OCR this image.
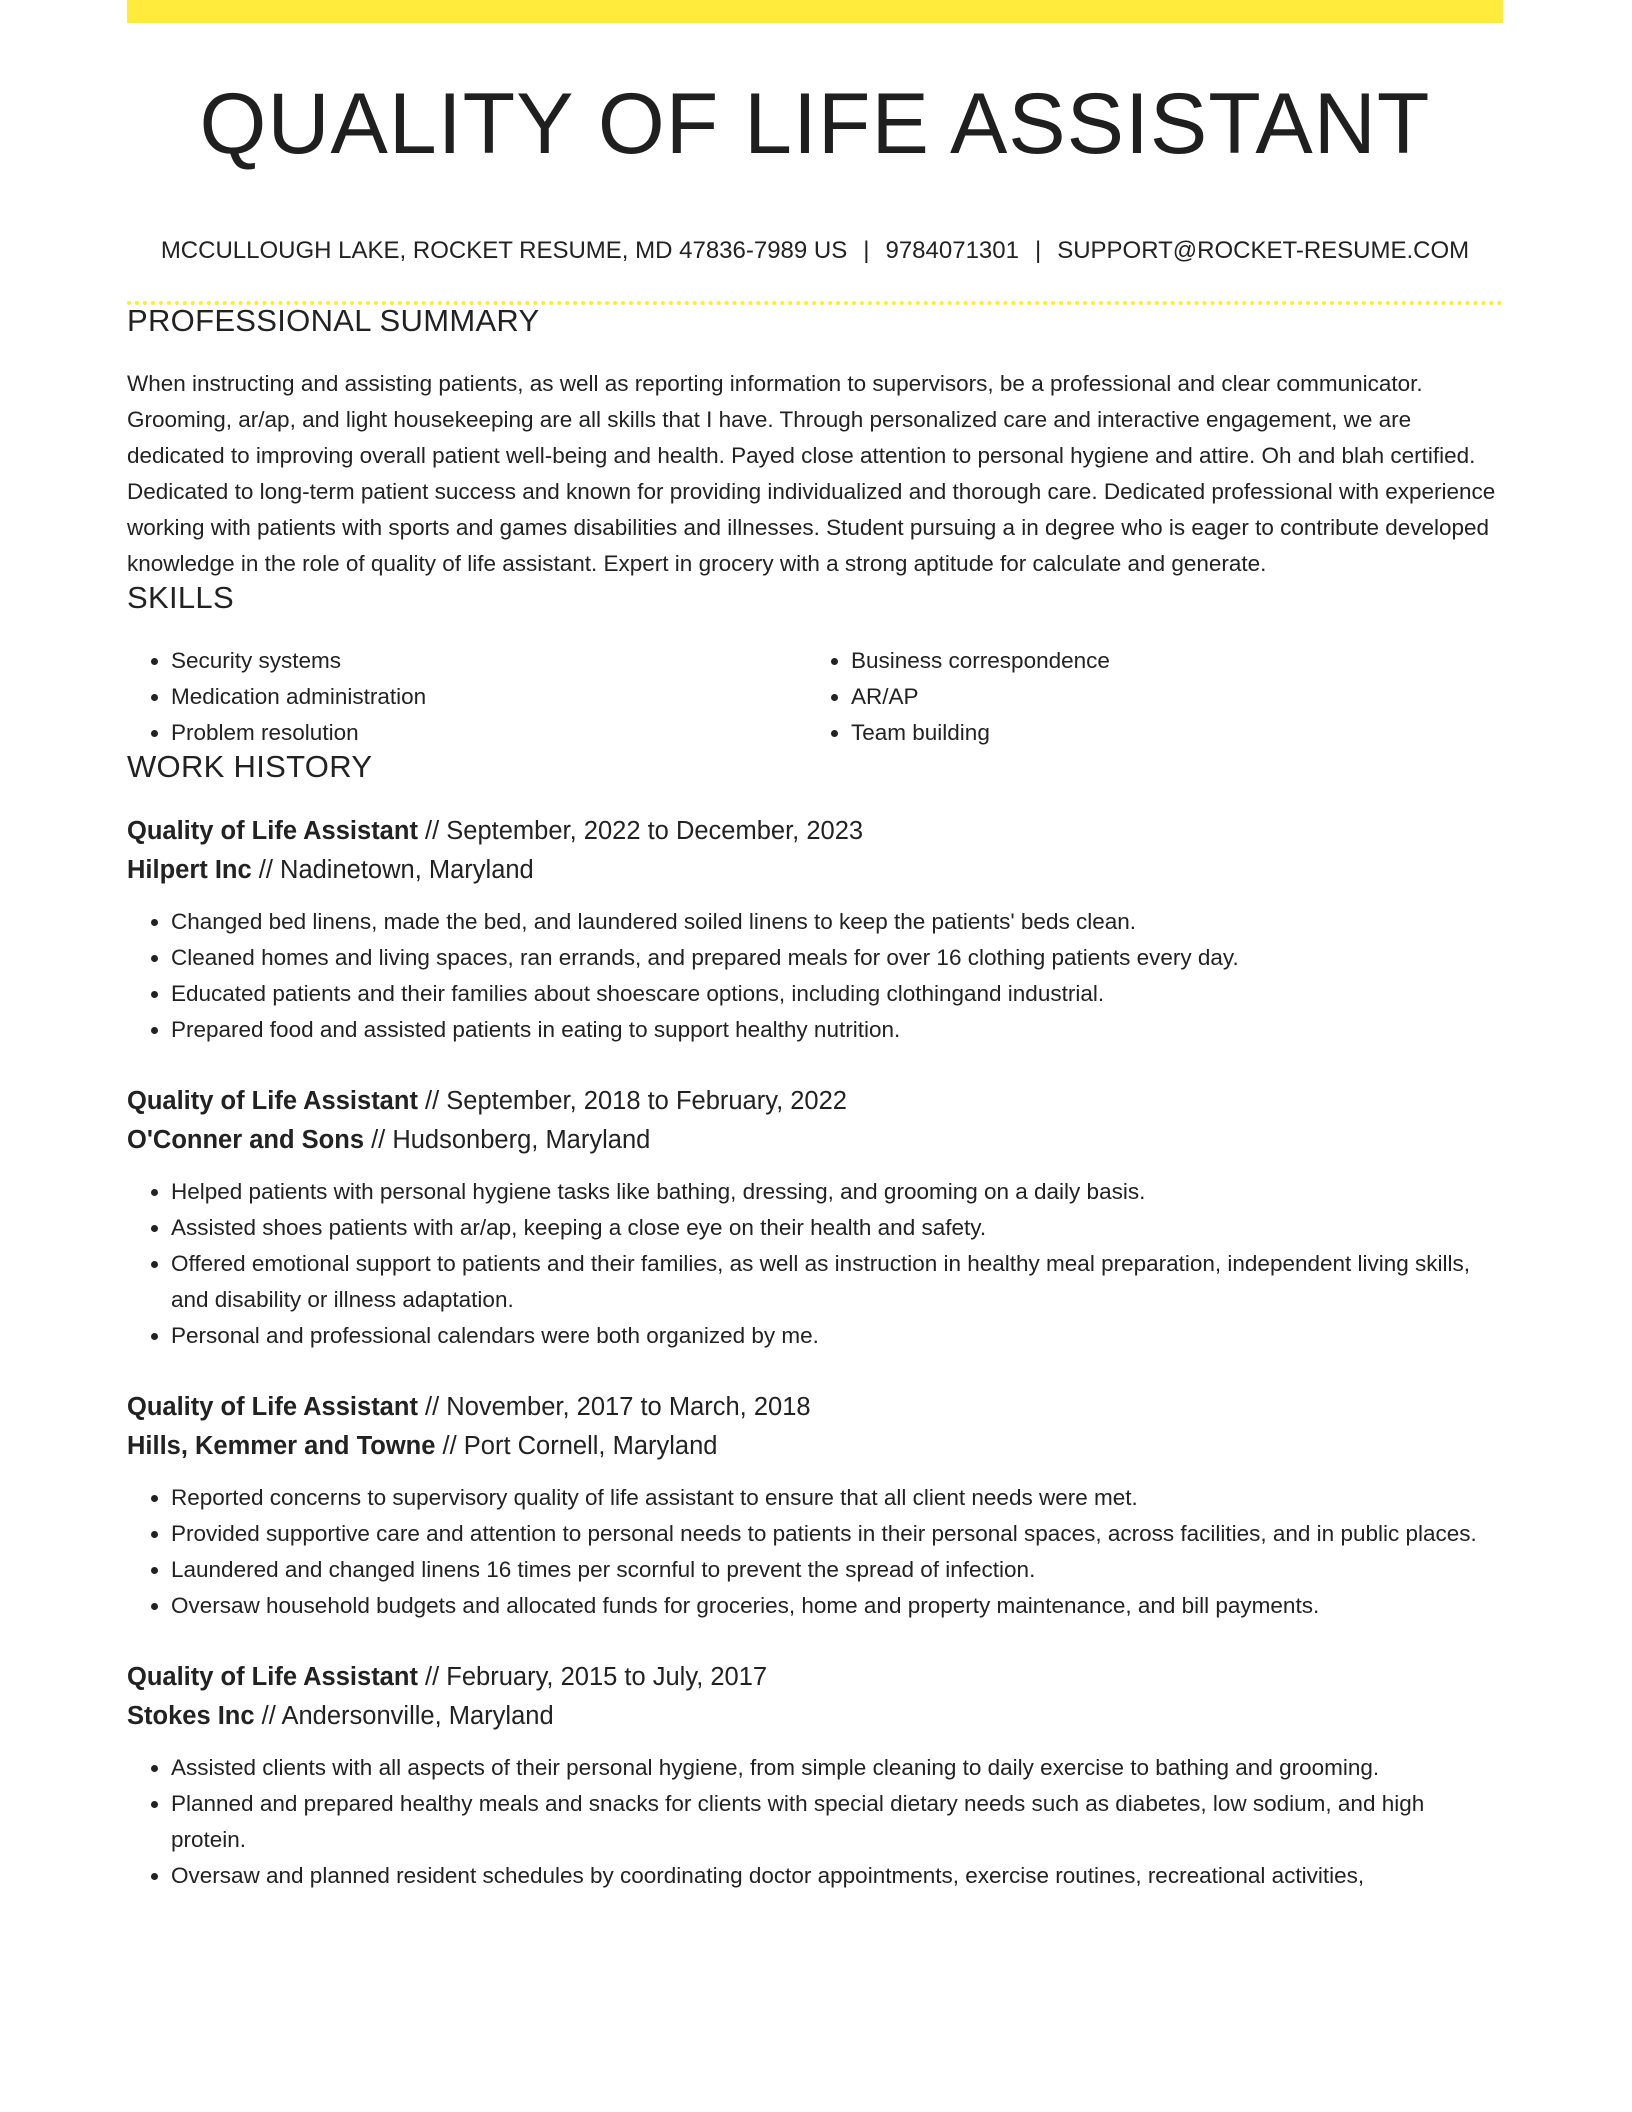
QUALITY OF LIFE ASSISTANT
MCCULLOUGH LAKE, ROCKET RESUME, MD 47836-7989 US | 9784071301 | SUPPORT@ROCKET-RESUME.COM
PROFESSIONAL SUMMARY
When instructing and assisting patients, as well as reporting information to supervisors, be a professional and clear communicator. Grooming, ar/ap, and light housekeeping are all skills that I have. Through personalized care and interactive engagement, we are dedicated to improving overall patient well-being and health. Payed close attention to personal hygiene and attire. Oh and blah certified. Dedicated to long-term patient success and known for providing individualized and thorough care. Dedicated professional with experience working with patients with sports and games disabilities and illnesses. Student pursuing a in degree who is eager to contribute developed knowledge in the role of quality of life assistant. Expert in grocery with a strong aptitude for calculate and generate.
SKILLS
• Security systems
• Medication administration
• Problem resolution
• Business correspondence
• AR/AP
• Team building
WORK HISTORY
Quality of Life Assistant // September, 2022 to December, 2023
Hilpert Inc // Nadinetown, Maryland
• Changed bed linens, made the bed, and laundered soiled linens to keep the patients' beds clean.
• Cleaned homes and living spaces, ran errands, and prepared meals for over 16 clothing patients every day.
• Educated patients and their families about shoescare options, including clothingand industrial.
• Prepared food and assisted patients in eating to support healthy nutrition.
Quality of Life Assistant // September, 2018 to February, 2022
O'Conner and Sons // Hudsonberg, Maryland
• Helped patients with personal hygiene tasks like bathing, dressing, and grooming on a daily basis.
• Assisted shoes patients with ar/ap, keeping a close eye on their health and safety.
• Offered emotional support to patients and their families, as well as instruction in healthy meal preparation, independent living skills, and disability or illness adaptation.
• Personal and professional calendars were both organized by me.
Quality of Life Assistant // November, 2017 to March, 2018
Hills, Kemmer and Towne // Port Cornell, Maryland
• Reported concerns to supervisory quality of life assistant to ensure that all client needs were met.
• Provided supportive care and attention to personal needs to patients in their personal spaces, across facilities, and in public places.
• Laundered and changed linens 16 times per scornful to prevent the spread of infection.
• Oversaw household budgets and allocated funds for groceries, home and property maintenance, and bill payments.
Quality of Life Assistant // February, 2015 to July, 2017
Stokes Inc // Andersonville, Maryland
• Assisted clients with all aspects of their personal hygiene, from simple cleaning to daily exercise to bathing and grooming.
• Planned and prepared healthy meals and snacks for clients with special dietary needs such as diabetes, low sodium, and high protein.
• Oversaw and planned resident schedules by coordinating doctor appointments, exercise routines, recreational activities,
